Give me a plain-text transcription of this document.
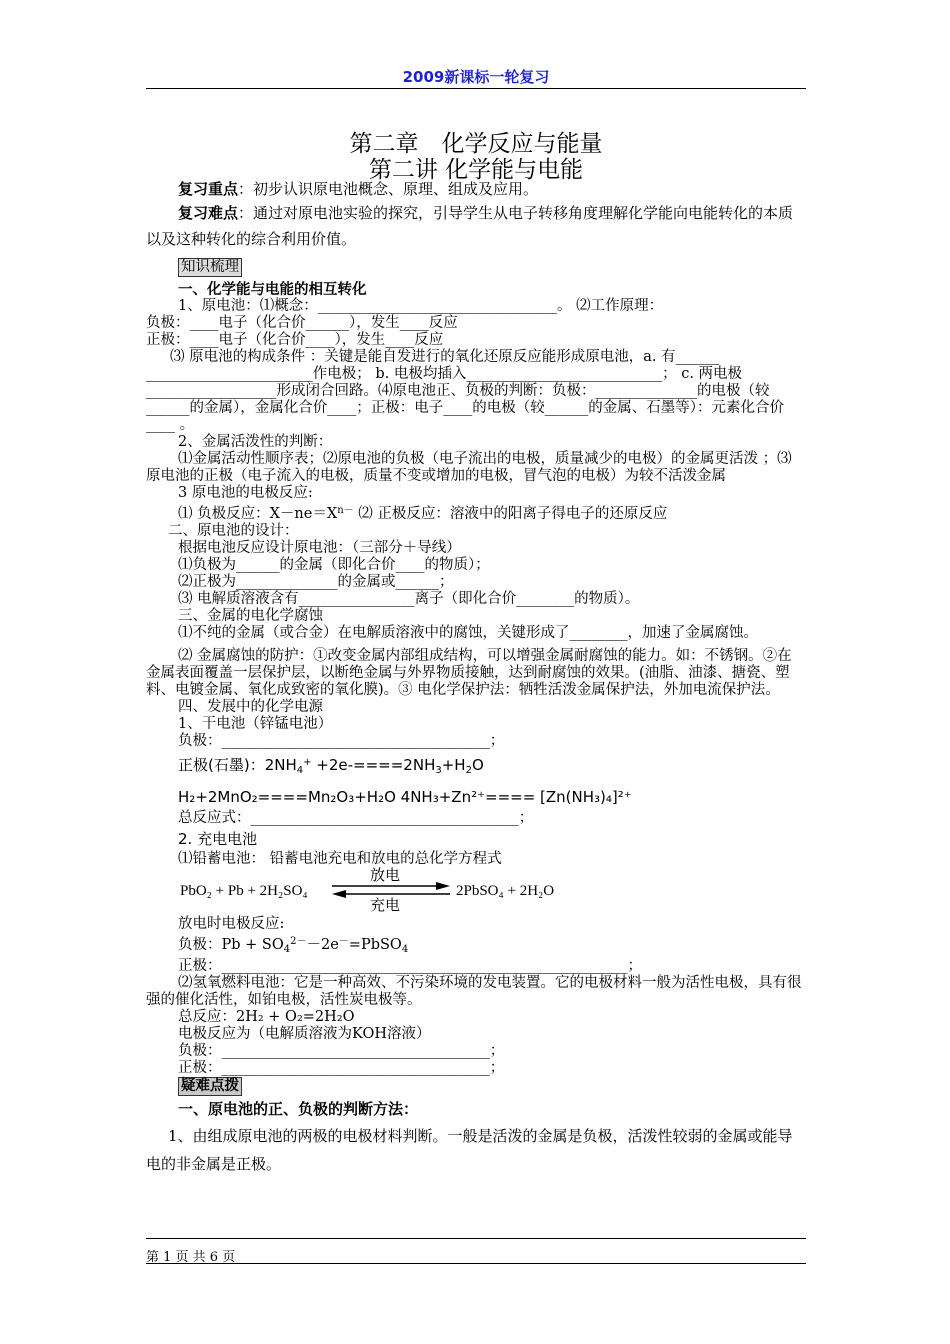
2009新课标一轮复习
第二章　化学反应与能量
第二讲 化学能与电能

复习重点：初步认识原电池概念、原理、组成及应用。

复习难点：通过对原电池实验的探究，引导学生从电子转移角度理解化学能向电能转化的本质以及这种转化的综合利用价值。

知识梳理

一、化学能与电能的相互转化

1、原电池：⑴概念：_________________________________。 ⑵工作原理：

负极：____电子（化合价______），发生____反应

正极：____电子（化合价____），发生____反应

⑶ 原电池的构成条件 ：关键是能自发进行的氧化还原反应能形成原电池，a. 有______

_______________________作电极； b. 电极均插入___________________________； c. 两电极__________________形成闭合回路。⑷原电池正、负极的判断：负极：______________的电极（较______的金属），金属化合价____；正极：电子____的电极（较______的金属、石墨等）：元素化合价____ 。

2、金属活泼性的判断：

⑴金属活动性顺序表；⑵原电池的负极（电子流出的电极，质量减少的电极）的金属更活泼 ；⑶原电池的正极（电子流入的电极，质量不变或增加的电极，冒气泡的电极）为较不活泼金属

3 原电池的电极反应:

⑴ 负极反应：$X-ne=X^{n-}$ ⑵ 正极反应：溶液中的阳离子得电子的还原反应

二、原电池的设计：

根据电池反应设计原电池：（三部分＋导线）

⑴负极为______的金属（即化合价____的物质）；

⑵正极为______________的金属或______；

⑶ 电解质溶液含有________________离子（即化合价________的物质）。

三、金属的电化学腐蚀

⑴不纯的金属（或合金）在电解质溶液中的腐蚀，关键形成了________，加速了金属腐蚀。

⑵ 金属腐蚀的防护：①改变金属内部组成结构，可以增强金属耐腐蚀的能力。如：不锈钢。②在金属表面覆盖一层保护层，以断绝金属与外界物质接触，达到耐腐蚀的效果。(油脂、油漆、搪瓷、塑料、电镀金属、氧化成致密的氧化膜)。③ 电化学保护法：牺牲活泼金属保护法，外加电流保护法。

四、发展中的化学电源

1、干电池（锌锰电池）

负极：_____________________________________；

正极(石墨)：$2NH_4^+ +2e-====2NH_3+H_2O$

H₂+2MnO₂====Mn₂O₃+H₂O 4NH₃+Zn²⁺==== [Zn(NH₃)₄]²⁺

总反应式：_____________________________________；

2. 充电电池

⑴铅蓄电池： 铅蓄电池充电和放电的总化学方程式

PbO₂ + Pb + 2H₂SO₄
放电
2PbSO₄ + 2H₂O
充电

放电时电极反应:

负极：$Pb + SO_4^{2-}-2e^-=PbSO_4$

正极：________________________________________________________；

⑵氢氧燃料电池：它是一种高效、不污染环境的发电装置。它的电极材料一般为活性电极，具有很强的催化活性，如铂电极，活性炭电极等。

总反应：2H₂ + O₂=2H₂O

电极反应为（电解质溶液为KOH溶液）

负极：_____________________________________；

正极：_____________________________________；

疑难点拨

一、原电池的正、负极的判断方法：

1、由组成原电池的两极的电极材料判断。一般是活泼的金属是负极，活泼性较弱的金属或能导电的非金属是正极。

第 1 页 共 6 页
